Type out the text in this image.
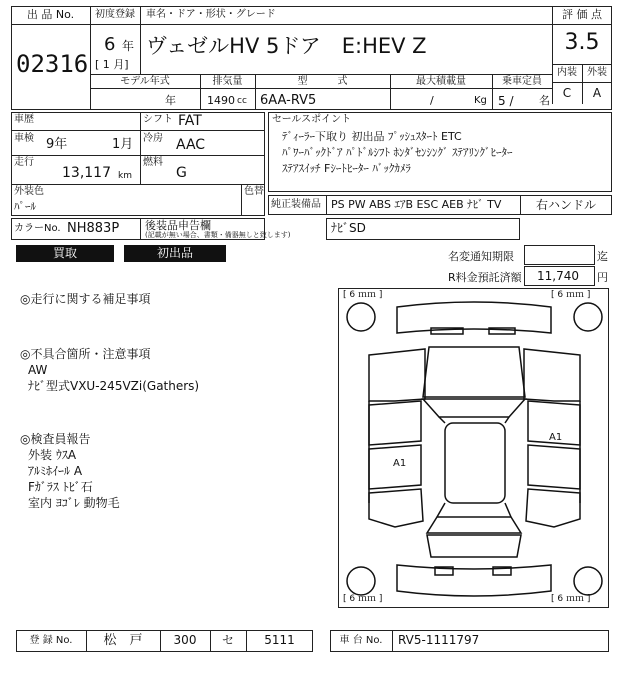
出 品 No.
02316
初度登録 車名・ドア・形状・グレード
6 年
[ 1 月]
ヴェゼルHV 5ドア　E:HEV Z
評 価 点
3.5
内装	外装
C	A
モデル年式	排気量	型　　　式	最大積載量	乗車定員
年	1490 cc 6AA-RV5	/	Kg 5 / 名
車歴
車検 9年	1月
走行
13,117 km
シフト FAT
冷房 AAC
燃料
G
外装色
ﾊﾟｰﾙ
色替
セールスポイント
ﾃﾞｨｰﾗｰ下取り 初出品 ﾌﾟｯｼｭｽﾀｰﾄ ETC
ﾊﾟﾜｰﾊﾞｯｸﾄﾞｱ ﾊﾟﾄﾞﾙｼﾌﾄ ﾎﾝﾀﾞｾﾝｼﾝｸﾞ ｽﾃｱﾘﾝｸﾞﾋｰﾀｰ
ｽﾃｱｽｲｯﾁ Fｼｰﾄﾋｰﾀｰ ﾊﾞｯｸｶﾒﾗ
純正装備品 PS PW ABS ｴｱB ESC AEB ﾅﾋﾞ TV	右ハンドル
カラーNo. NH883P 後装品申告欄
(記載が無い場合、書類・備器無しと致します)	ﾅﾋﾞSD
買取	初出品	名変通知期限	迄
R料金預託済額 11,740 円
◎走行に関する補足事項
◎不具合箇所・注意事項
AW
ﾅﾋﾞ型式VXU-245VZi(Gathers)
◎検査員報告
外装 ｳｽA
ｱﾙﾐﾎｲｰﾙ A
Fｶﾞﾗｽ ﾄﾋﾞ石
室内 ﾖｺﾞﾚ 動物毛
[ 6 ｍｍ ]	[ 6 ｍｍ ]
[ 6 ｍｍ ]	[ 6 ｍｍ ]
A1
A1
登 録 No.	松　戸	300	セ	5111	車 台 No.	RV5-1111797
